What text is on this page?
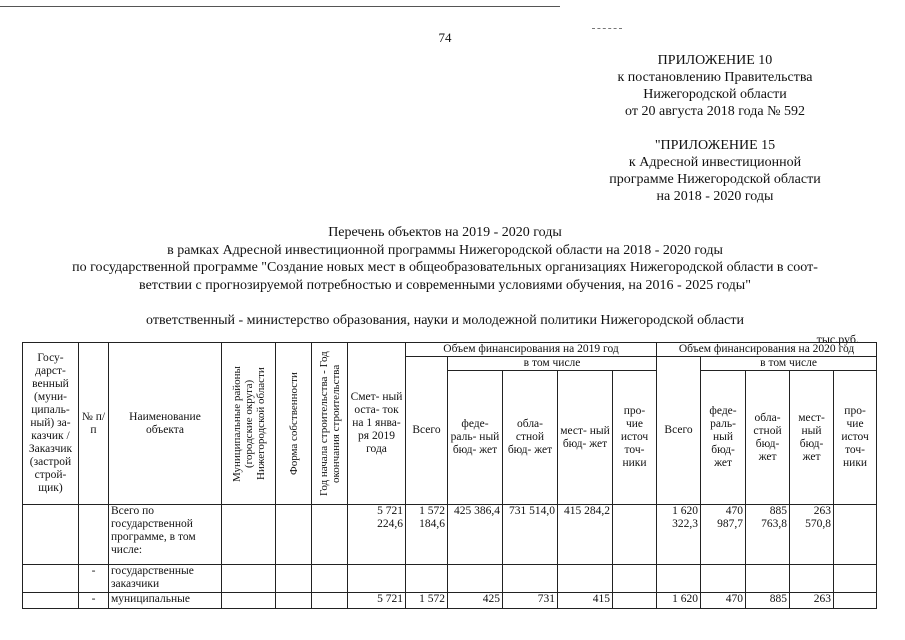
74
ПРИЛОЖЕНИЕ 10
к постановлению Правительства
Нижегородской области
от 20 августа 2018 года № 592
"ПРИЛОЖЕНИЕ 15
к Адресной инвестиционной
программе Нижегородской области
на 2018 - 2020 годы
Перечень объектов на 2019 - 2020 годы
в рамках Адресной инвестиционной программы Нижегородской области на 2018 - 2020 годы
по государственной программе "Создание новых мест в общеобразовательных организациях Нижегородской области в соот-
ветствии с прогнозируемой потребностью и современными условиями обучения, на 2016 - 2025 годы"
ответственный - министерство образования, науки и молодежной политики Нижегородской области
тыс.руб.
Госу- дарст- венный (муни- ципаль- ный) за- казчик / Заказчик (застрой строй- щик)	№ п/п	Наименование объекта	Муниципальные районы (городские округа) Нижегородской области	Форма собственности	Год начала строительства - Год окончания строительства	Смет- ный оста- ток на 1 янва- ря 2019 года	Объем финансирования на 2019 год					Объем финансирования на 2020 год				
							Всего	в том числе				Всего	в том числе			
								феде- раль- ный бюд- жет	обла- стной бюд- жет	мест- ный бюд- жет	про- чие источ точ- ники		феде- раль- ный бюд- жет	обла- стной бюд- жет	мест- ный бюд- жет	про- чие источ точ- ники
		Всего по государственной программе, в том числе:				5 721 224,6	1 572 184,6	425 386,4	731 514,0	415 284,2		1 620 322,3	470 987,7	885 763,8	263 570,8	
	-	государственные заказчики														
	-	муниципальные				5 721	1 572	425	731	415		1 620	470	885	263	
